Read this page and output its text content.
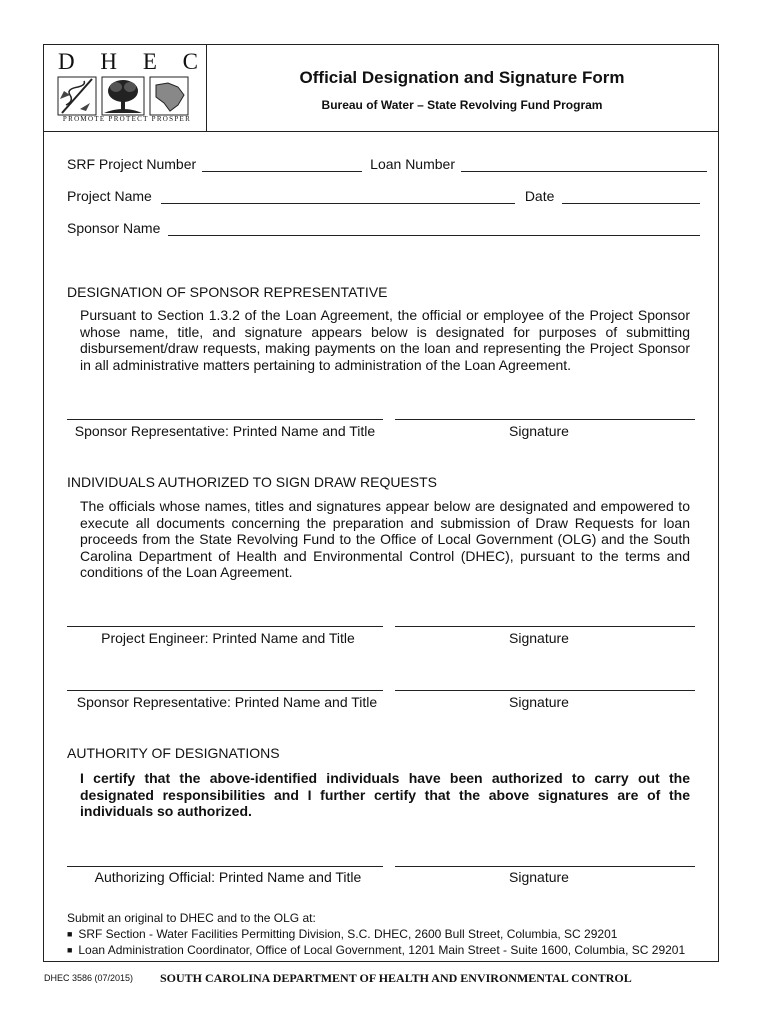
D H E C
PROMOTE PROTECT PROSPER
Official Designation and Signature Form
Bureau of Water – State Revolving Fund Program
SRF Project Number	Loan Number
Project Name	Date
Sponsor Name
DESIGNATION OF SPONSOR REPRESENTATIVE
Pursuant to Section 1.3.2 of the Loan Agreement, the official or employee of the Project Sponsor whose name, title, and signature appears below is designated for purposes of submitting disbursement/draw requests, making payments on the loan and representing the Project Sponsor in all administrative matters pertaining to administration of the Loan Agreement.
Sponsor Representative: Printed Name and Title	Signature
INDIVIDUALS AUTHORIZED TO SIGN DRAW REQUESTS
The officials whose names, titles and signatures appear below are designated and empowered to execute all documents concerning the preparation and submission of Draw Requests for loan proceeds from the State Revolving Fund to the Office of Local Government (OLG) and the South Carolina Department of Health and Environmental Control (DHEC), pursuant to the terms and conditions of the Loan Agreement.
Project Engineer: Printed Name and Title	Signature
Sponsor Representative: Printed Name and Title	Signature
AUTHORITY OF DESIGNATIONS
I certify that the above-identified individuals have been authorized to carry out the designated responsibilities and I further certify that the above signatures are of the individuals so authorized.
Authorizing Official: Printed Name and Title	Signature
Submit an original to DHEC and to the OLG at:
■ SRF Section - Water Facilities Permitting Division, S.C. DHEC, 2600 Bull Street, Columbia, SC 29201
■ Loan Administration Coordinator, Office of Local Government, 1201 Main Street - Suite 1600, Columbia, SC 29201
DHEC 3586 (07/2015) SOUTH CAROLINA DEPARTMENT OF HEALTH AND ENVIRONMENTAL CONTROL
